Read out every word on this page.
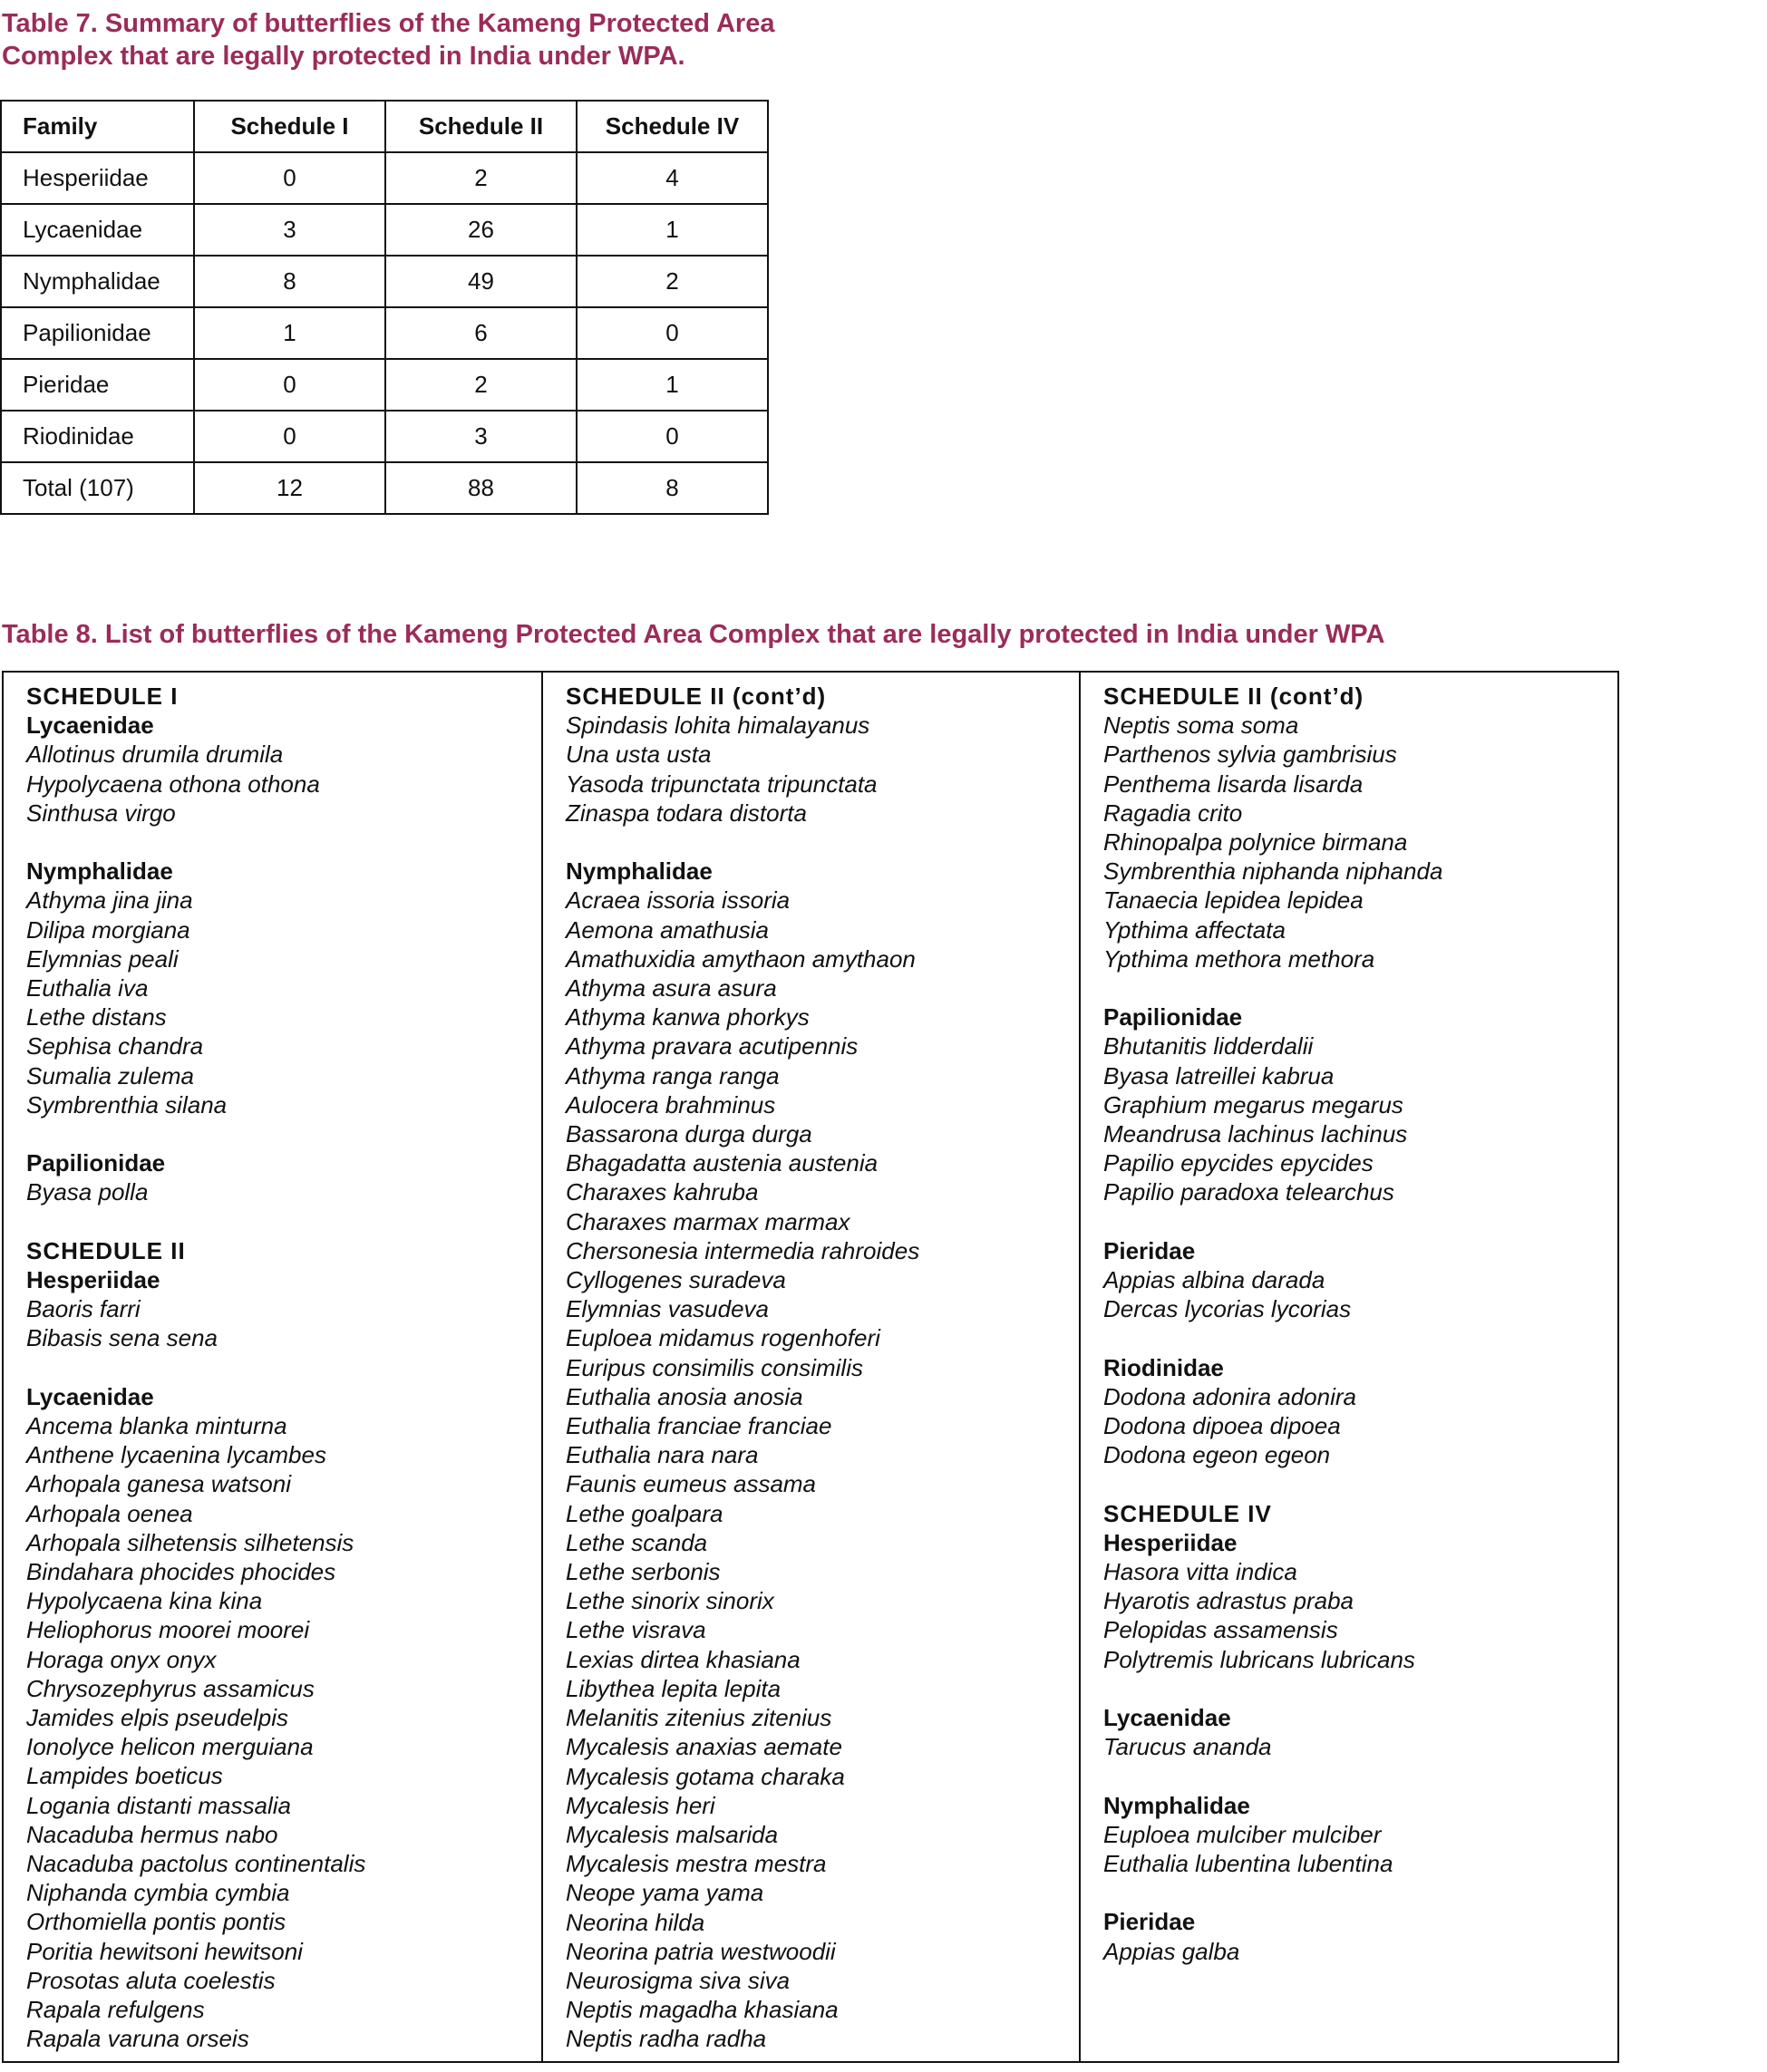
Table 7. Summary of butterflies of the Kameng Protected Area Complex that are legally protected in India under WPA.
Family	Schedule I	Schedule II	Schedule IV
Hesperiidae	0	2	4
Lycaenidae	3	26	1
Nymphalidae	8	49	2
Papilionidae	1	6	0
Pieridae	0	2	1
Riodinidae	0	3	0
Total (107)	12	88	8
Table 8. List of butterflies of the Kameng Protected Area Complex that are legally protected in India under WPA
SCHEDULE I
Lycaenidae
Allotinus drumila drumila
Hypolycaena othona othona
Sinthusa virgo
Nymphalidae
Athyma jina jina
Dilipa morgiana
Elymnias peali
Euthalia iva
Lethe distans
Sephisa chandra
Sumalia zulema
Symbrenthia silana
Papilionidae
Byasa polla
SCHEDULE II
Hesperiidae
Baoris farri
Bibasis sena sena
Lycaenidae
Ancema blanka minturna
Anthene lycaenina lycambes
Arhopala ganesa watsoni
Arhopala oenea
Arhopala silhetensis silhetensis
Bindahara phocides phocides
Hypolycaena kina kina
Heliophorus moorei moorei
Horaga onyx onyx
Chrysozephyrus assamicus
Jamides elpis pseudelpis
Ionolyce helicon merguiana
Lampides boeticus
Logania distanti massalia
Nacaduba hermus nabo
Nacaduba pactolus continentalis
Niphanda cymbia cymbia
Orthomiella pontis pontis
Poritia hewitsoni hewitsoni
Prosotas aluta coelestis
Rapala refulgens
Rapala varuna orseis
SCHEDULE II (cont’d)
Spindasis lohita himalayanus
Una usta usta
Yasoda tripunctata tripunctata
Zinaspa todara distorta
Nymphalidae
Acraea issoria issoria
Aemona amathusia
Amathuxidia amythaon amythaon
Athyma asura asura
Athyma kanwa phorkys
Athyma pravara acutipennis
Athyma ranga ranga
Aulocera brahminus
Bassarona durga durga
Bhagadatta austenia austenia
Charaxes kahruba
Charaxes marmax marmax
Chersonesia intermedia rahroides
Cyllogenes suradeva
Elymnias vasudeva
Euploea midamus rogenhoferi
Euripus consimilis consimilis
Euthalia anosia anosia
Euthalia franciae franciae
Euthalia nara nara
Faunis eumeus assama
Lethe goalpara
Lethe scanda
Lethe serbonis
Lethe sinorix sinorix
Lethe visrava
Lexias dirtea khasiana
Libythea lepita lepita
Melanitis zitenius zitenius
Mycalesis anaxias aemate
Mycalesis gotama charaka
Mycalesis heri
Mycalesis malsarida
Mycalesis mestra mestra
Neope yama yama
Neorina hilda
Neorina patria westwoodii
Neurosigma siva siva
Neptis magadha khasiana
Neptis radha radha
SCHEDULE II (cont’d)
Neptis soma soma
Parthenos sylvia gambrisius
Penthema lisarda lisarda
Ragadia crito
Rhinopalpa polynice birmana
Symbrenthia niphanda niphanda
Tanaecia lepidea lepidea
Ypthima affectata
Ypthima methora methora
Papilionidae
Bhutanitis lidderdalii
Byasa latreillei kabrua
Graphium megarus megarus
Meandrusa lachinus lachinus
Papilio epycides epycides
Papilio paradoxa telearchus
Pieridae
Appias albina darada
Dercas lycorias lycorias
Riodinidae
Dodona adonira adonira
Dodona dipoea dipoea
Dodona egeon egeon
SCHEDULE IV
Hesperiidae
Hasora vitta indica
Hyarotis adrastus praba
Pelopidas assamensis
Polytremis lubricans lubricans
Lycaenidae
Tarucus ananda
Nymphalidae
Euploea mulciber mulciber
Euthalia lubentina lubentina
Pieridae
Appias galba
